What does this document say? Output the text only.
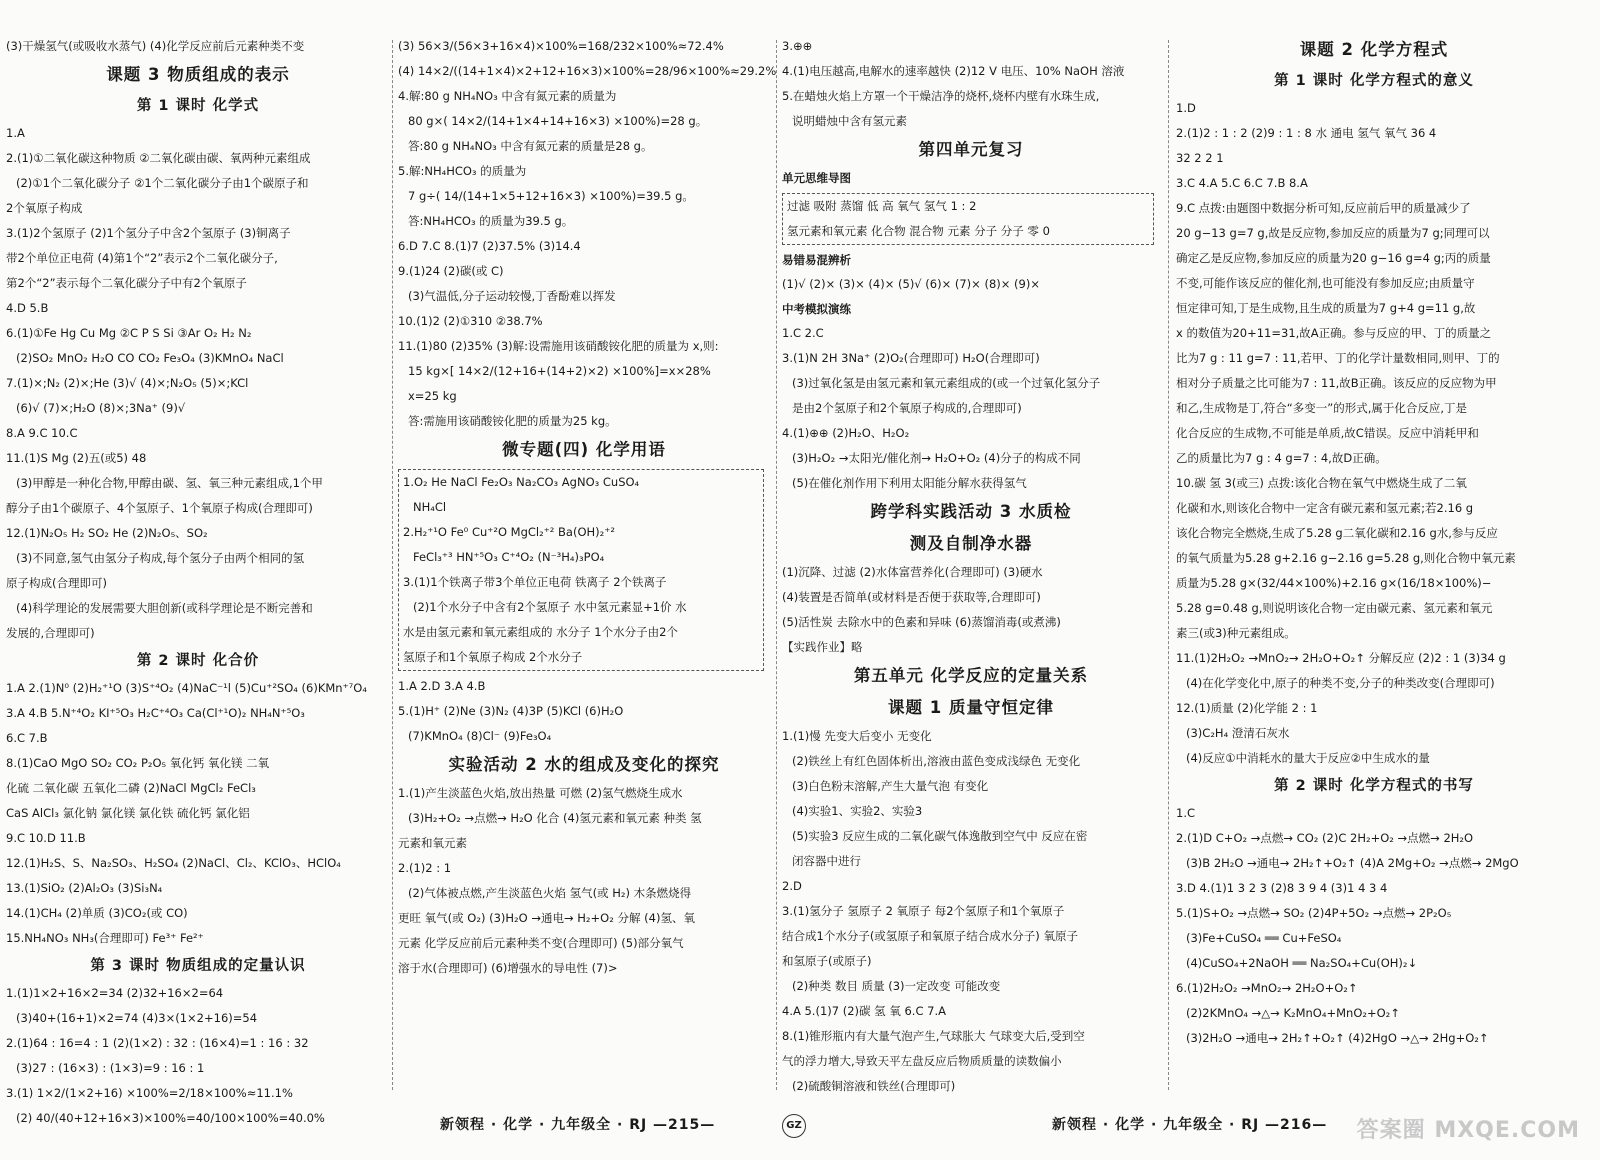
(3)干燥氢气(或吸收水蒸气) (4)化学反应前后元素种类不变
课题 3 物质组成的表示
第 1 课时 化学式
1.A
2.(1)①二氧化碳这种物质 ②二氧化碳由碳、氧两种元素组成
(2)①1个二氧化碳分子 ②1个二氧化碳分子由1个碳原子和
2个氧原子构成
3.(1)2个氢原子 (2)1个氢分子中含2个氢原子 (3)铜离子
带2个单位正电荷 (4)第1个“2”表示2个二氧化碳分子,
第2个“2”表示每个二氧化碳分子中有2个氧原子
4.D 5.B
6.(1)①Fe Hg Cu Mg ②C P S Si ③Ar O₂ H₂ N₂
(2)SO₂ MnO₂ H₂O CO CO₂ Fe₃O₄ (3)KMnO₄ NaCl
7.(1)×;N₂ (2)×;He (3)√ (4)×;N₂O₅ (5)×;KCl
(6)√ (7)×;H₂O (8)×;3Na⁺ (9)√
8.A 9.C 10.C
11.(1)S Mg (2)五(或5) 48
(3)甲醇是一种化合物,甲醇由碳、氢、氧三种元素组成,1个甲
醇分子由1个碳原子、4个氢原子、1个氧原子构成(合理即可)
12.(1)N₂O₅ H₂ SO₂ He (2)N₂O₅、SO₂
(3)不同意,氢气由氢分子构成,每个氢分子由两个相同的氢
原子构成(合理即可)
(4)科学理论的发展需要大胆创新(或科学理论是不断完善和
发展的,合理即可)
第 2 课时 化合价
1.A 2.(1)N⁰ (2)H₂⁺¹O (3)S⁺⁴O₂ (4)NaC⁻¹l (5)Cu⁺²SO₄ (6)KMn⁺⁷O₄
3.A 4.B 5.N⁺⁴O₂ KI⁺⁵O₃ H₂C⁺⁴O₃ Ca(Cl⁺¹O)₂ NH₄N⁺⁵O₃
6.C 7.B
8.(1)CaO MgO SO₂ CO₂ P₂O₅ 氧化钙 氧化镁 二氧
化硫 二氧化碳 五氧化二磷 (2)NaCl MgCl₂ FeCl₃
CaS AlCl₃ 氯化钠 氯化镁 氯化铁 硫化钙 氯化铝
9.C 10.D 11.B
12.(1)H₂S、S、Na₂SO₃、H₂SO₄ (2)NaCl、Cl₂、KClO₃、HClO₄
13.(1)SiO₂ (2)Al₂O₃ (3)Si₃N₄
14.(1)CH₄ (2)单质 (3)CO₂(或 CO)
15.NH₄NO₃ NH₃(合理即可) Fe³⁺ Fe²⁺
第 3 课时 物质组成的定量认识
1.(1)1×2+16×2=34 (2)32+16×2=64
(3)40+(16+1)×2=74 (4)3×(1×2+16)=54
2.(1)64 : 16=4 : 1 (2)(1×2) : 32 : (16×4)=1 : 16 : 32
(3)27 : (16×3) : (1×3)=9 : 16 : 1
3.(1) 1×2/(1×2+16) ×100%=2/18×100%≈11.1%
(2) 40/(40+12+16×3)×100%=40/100×100%=40.0%
(3) 56×3/(56×3+16×4)×100%=168/232×100%≈72.4%
(4) 14×2/((14+1×4)×2+12+16×3)×100%=28/96×100%≈29.2%
4.解:80 g NH₄NO₃ 中含有氮元素的质量为
80 g×( 14×2/(14+1×4+14+16×3) ×100%)=28 g。
答:80 g NH₄NO₃ 中含有氮元素的质量是28 g。
5.解:NH₄HCO₃ 的质量为
7 g÷( 14/(14+1×5+12+16×3) ×100%)=39.5 g。
答:NH₄HCO₃ 的质量为39.5 g。
6.D 7.C 8.(1)7 (2)37.5% (3)14.4
9.(1)24 (2)碳(或 C)
(3)气温低,分子运动较慢,丁香酚难以挥发
10.(1)2 (2)①310 ②38.7%
11.(1)80 (2)35% (3)解:设需施用该硝酸铵化肥的质量为 x,则:
15 kg×[ 14×2/(12+16+(14+2)×2) ×100%]=x×28%
x=25 kg
答:需施用该硝酸铵化肥的质量为25 kg。
微专题(四) 化学用语
1.O₂ He NaCl Fe₂O₃ Na₂CO₃ AgNO₃ CuSO₄
NH₄Cl
2.H₂⁺¹O Fe⁰ Cu⁺²O MgCl₂⁺² Ba(OH)₂⁺²
FeCl₃⁺³ HN⁺⁵O₃ C⁺⁴O₂ (N⁻³H₄)₃PO₄
3.(1)1个铁离子带3个单位正电荷 铁离子 2个铁离子
(2)1个水分子中含有2个氢原子 水中氢元素显+1价 水
水是由氢元素和氧元素组成的 水分子 1个水分子由2个
氢原子和1个氧原子构成 2个水分子
1.A 2.D 3.A 4.B
5.(1)H⁺ (2)Ne (3)N₂ (4)3P (5)KCl (6)H₂O
(7)KMnO₄ (8)Cl⁻ (9)Fe₃O₄
实验活动 2 水的组成及变化的探究
1.(1)产生淡蓝色火焰,放出热量 可燃 (2)氢气燃烧生成水
(3)H₂+O₂ →点燃→ H₂O 化合 (4)氢元素和氧元素 种类 氢
元素和氧元素
2.(1)2 : 1
(2)气体被点燃,产生淡蓝色火焰 氢气(或 H₂) 木条燃烧得
更旺 氧气(或 O₂) (3)H₂O →通电→ H₂+O₂ 分解 (4)氢、氧
元素 化学反应前后元素种类不变(合理即可) (5)部分氧气
溶于水(合理即可) (6)增强水的导电性 (7)>
3.⊕⊕
4.(1)电压越高,电解水的速率越快 (2)12 V 电压、10% NaOH 溶液
5.在蜡烛火焰上方罩一个干燥洁净的烧杯,烧杯内壁有水珠生成,
说明蜡烛中含有氢元素
第四单元复习
单元思维导图
过滤 吸附 蒸馏 低 高 氧气 氢气 1 : 2
氢元素和氧元素 化合物 混合物 元素 分子 分子 零 0
易错易混辨析
(1)√ (2)× (3)× (4)× (5)√ (6)× (7)× (8)× (9)×
中考模拟演练
1.C 2.C
3.(1)N 2H 3Na⁺ (2)O₂(合理即可) H₂O(合理即可)
(3)过氧化氢是由氢元素和氧元素组成的(或一个过氧化氢分子
是由2个氢原子和2个氧原子构成的,合理即可)
4.(1)⊕⊕ (2)H₂O、H₂O₂
(3)H₂O₂ →太阳光/催化剂→ H₂O+O₂ (4)分子的构成不同
(5)在催化剂作用下利用太阳能分解水获得氢气
跨学科实践活动 3 水质检
测及自制净水器
(1)沉降、过滤 (2)水体富营养化(合理即可) (3)硬水
(4)装置是否简单(或材料是否便于获取等,合理即可)
(5)活性炭 去除水中的色素和异味 (6)蒸馏消毒(或煮沸)
【实践作业】略
第五单元 化学反应的定量关系
课题 1 质量守恒定律
1.(1)慢 先变大后变小 无变化
(2)铁丝上有红色固体析出,溶液由蓝色变成浅绿色 无变化
(3)白色粉末溶解,产生大量气泡 有变化
(4)实验1、实验2、实验3
(5)实验3 反应生成的二氧化碳气体逸散到空气中 反应在密
闭容器中进行
2.D
3.(1)氢分子 氢原子 2 氧原子 每2个氢原子和1个氧原子
结合成1个水分子(或氢原子和氧原子结合成水分子) 氧原子
和氢原子(或原子)
(2)种类 数目 质量 (3)一定改变 可能改变
4.A 5.(1)7 (2)碳 氢 氧 6.C 7.A
8.(1)锥形瓶内有大量气泡产生,气球胀大 气球变大后,受到空
气的浮力增大,导致天平左盘反应后物质质量的读数偏小
(2)硫酸铜溶液和铁丝(合理即可)
课题 2 化学方程式
第 1 课时 化学方程式的意义
1.D
2.(1)2 : 1 : 2 (2)9 : 1 : 8 水 通电 氢气 氧气 36 4
32 2 2 1
3.C 4.A 5.C 6.C 7.B 8.A
9.C 点拨:由题图中数据分析可知,反应前后甲的质量减少了
20 g−13 g=7 g,故是反应物,参加反应的质量为7 g;同理可以
确定乙是反应物,参加反应的质量为20 g−16 g=4 g;丙的质量
不变,可能作该反应的催化剂,也可能没有参加反应;由质量守
恒定律可知,丁是生成物,且生成的质量为7 g+4 g=11 g,故
x 的数值为20+11=31,故A正确。参与反应的甲、丁的质量之
比为7 g : 11 g=7 : 11,若甲、丁的化学计量数相同,则甲、丁的
相对分子质量之比可能为7 : 11,故B正确。该反应的反应物为甲
和乙,生成物是丁,符合“多变一”的形式,属于化合反应,丁是
化合反应的生成物,不可能是单质,故C错误。反应中消耗甲和
乙的质量比为7 g : 4 g=7 : 4,故D正确。
10.碳 氢 3(或三) 点拨:该化合物在氧气中燃烧生成了二氧
化碳和水,则该化合物中一定含有碳元素和氢元素;若2.16 g
该化合物完全燃烧,生成了5.28 g二氧化碳和2.16 g水,参与反应
的氧气质量为5.28 g+2.16 g−2.16 g=5.28 g,则化合物中氧元素
质量为5.28 g×(32/44×100%)+2.16 g×(16/18×100%)−
5.28 g=0.48 g,则说明该化合物一定由碳元素、氢元素和氧元
素三(或3)种元素组成。
11.(1)2H₂O₂ →MnO₂→ 2H₂O+O₂↑ 分解反应 (2)2 : 1 (3)34 g
(4)在化学变化中,原子的种类不变,分子的种类改变(合理即可)
12.(1)质量 (2)化学能 2 : 1
(3)C₂H₄ 澄清石灰水
(4)反应①中消耗水的量大于反应②中生成水的量
第 2 课时 化学方程式的书写
1.C
2.(1)D C+O₂ →点燃→ CO₂ (2)C 2H₂+O₂ →点燃→ 2H₂O
(3)B 2H₂O →通电→ 2H₂↑+O₂↑ (4)A 2Mg+O₂ →点燃→ 2MgO
3.D 4.(1)1 3 2 3 (2)8 3 9 4 (3)1 4 3 4
5.(1)S+O₂ →点燃→ SO₂ (2)4P+5O₂ →点燃→ 2P₂O₅
(3)Fe+CuSO₄ ══ Cu+FeSO₄
(4)CuSO₄+2NaOH ══ Na₂SO₄+Cu(OH)₂↓
6.(1)2H₂O₂ →MnO₂→ 2H₂O+O₂↑
(2)2KMnO₄ →△→ K₂MnO₄+MnO₂+O₂↑
(3)2H₂O →通电→ 2H₂↑+O₂↑ (4)2HgO →△→ 2Hg+O₂↑
新领程 · 化学 · 九年级全 · RJ —215—	GZ	新领程 · 化学 · 九年级全 · RJ —216— 答案圈 MXQE.COM
